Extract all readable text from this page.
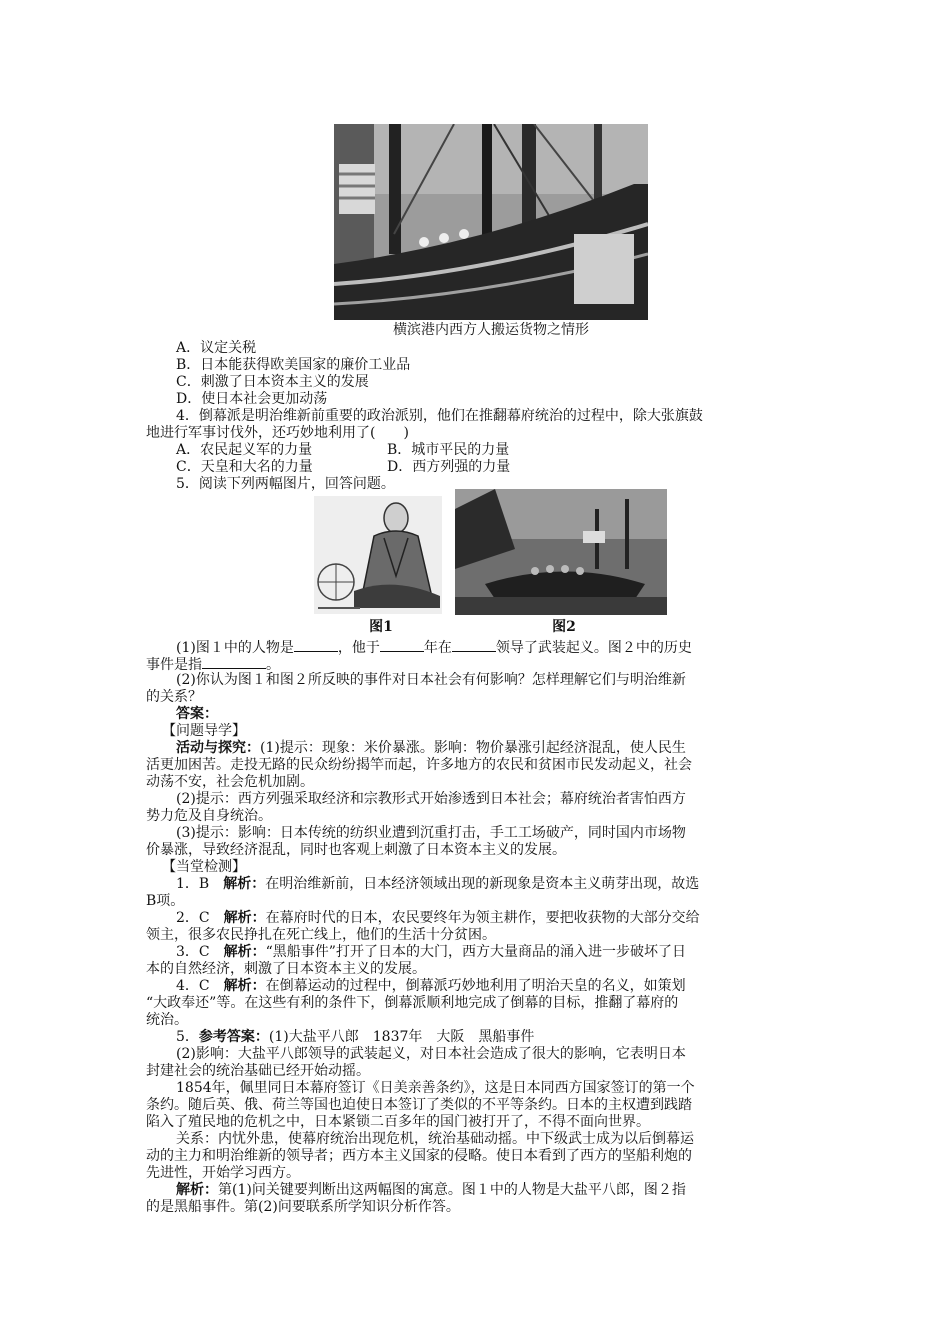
横滨港内西方人搬运货物之情形
A．议定关税
B．日本能获得欧美国家的廉价工业品
C．刺激了日本资本主义的发展
D．使日本社会更加动荡
4．倒幕派是明治维新前重要的政治派别，他们在推翻幕府统治的过程中，除大张旗鼓
地进行军事讨伐外，还巧妙地利用了(　　)
A．农民起义军的力量	B．城市平民的力量
C．天皇和大名的力量	D．西方列强的力量
5．阅读下列两幅图片，回答问题。
图1	图2
(1)图１中的人物是	，他于	年在	领导了武装起义。图２中的历史
事件是指	。
(2)你认为图１和图２所反映的事件对日本社会有何影响？怎样理解它们与明治维新
的关系？
答案：
【问题导学】
活动与探究：(1)提示：现象：米价暴涨。影响：物价暴涨引起经济混乱，使人民生
活更加困苦。走投无路的民众纷纷揭竿而起，许多地方的农民和贫困市民发动起义，社会
动荡不安，社会危机加剧。
(2)提示：西方列强采取经济和宗教形式开始渗透到日本社会；幕府统治者害怕西方
势力危及自身统治。
(3)提示：影响：日本传统的纺织业遭到沉重打击，手工工场破产，同时国内市场物
价暴涨，导致经济混乱，同时也客观上刺激了日本资本主义的发展。
【当堂检测】
1．B　 解析：在明治维新前，日本经济领域出现的新现象是资本主义萌芽出现，故选
B项。
2．C　 解析：在幕府时代的日本，农民要终年为领主耕作，要把收获物的大部分交给
领主，很多农民挣扎在死亡线上，他们的生活十分贫困。
3．C　 解析：“黑船事件”打开了日本的大门，西方大量商品的涌入进一步破坏了日
本的自然经济，刺激了日本资本主义的发展。
4．C　 解析：在倒幕运动的过程中，倒幕派巧妙地利用了明治天皇的名义，如策划
“大政奉还”等。在这些有利的条件下，倒幕派顺利地完成了倒幕的目标，推翻了幕府的
统治。
5．参考答案：(1)大盐平八郎　1837年　大阪　黑船事件
(2)影响：大盐平八郎领导的武装起义，对日本社会造成了很大的影响，它表明日本
封建社会的统治基础已经开始动摇。
1854年，佩里同日本幕府签订《日美亲善条约》，这是日本同西方国家签订的第一个
条约。随后英、俄、荷兰等国也迫使日本签订了类似的不平等条约。日本的主权遭到践踏
陷入了殖民地的危机之中，日本紧锁二百多年的国门被打开了，不得不面向世界。
关系：内忧外患，使幕府统治出现危机，统治基础动摇。中下级武士成为以后倒幕运
动的主力和明治维新的领导者；西方本主义国家的侵略。使日本看到了西方的坚船利炮的
先进性，开始学习西方。
解析：第(1)问关键要判断出这两幅图的寓意。图１中的人物是大盐平八郎，图２指
的是黑船事件。第(2)问要联系所学知识分析作答。
